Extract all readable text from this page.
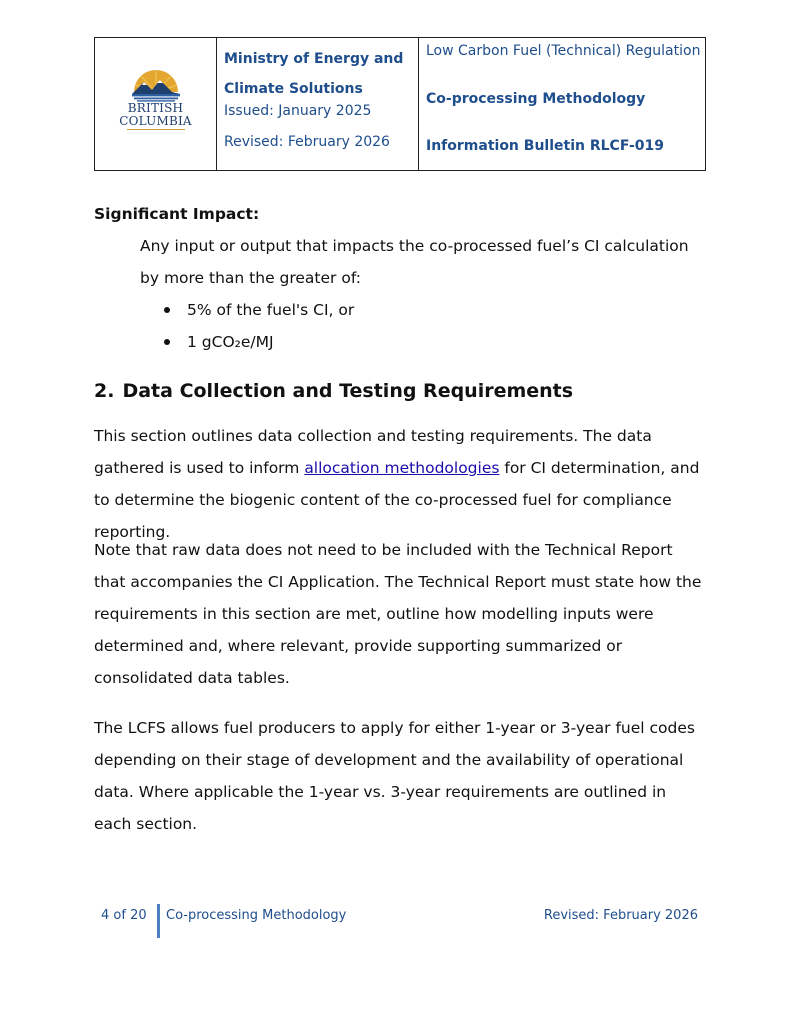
BRITISH
COLUMBIA
Ministry of Energy and Climate Solutions
Issued: January 2025
Revised: February 2026
Low Carbon Fuel (Technical) Regulation
Co-processing Methodology
Information Bulletin RLCF-019
Significant Impact:
Any input or output that impacts the co-processed fuel’s CI calculation by more than the greater of:
5% of the fuel's CI, or
1 gCO₂e/MJ
2. Data Collection and Testing Requirements
This section outlines data collection and testing requirements. The data gathered is used to inform allocation methodologies for CI determination, and to determine the biogenic content of the co-processed fuel for compliance reporting.
Note that raw data does not need to be included with the Technical Report that accompanies the CI Application. The Technical Report must state how the requirements in this section are met, outline how modelling inputs were determined and, where relevant, provide supporting summarized or consolidated data tables.
The LCFS allows fuel producers to apply for either 1-year or 3-year fuel codes depending on their stage of development and the availability of operational data. Where applicable the 1-year vs. 3-year requirements are outlined in each section.
4 of 20 Co-processing Methodology	Revised: February 2026
